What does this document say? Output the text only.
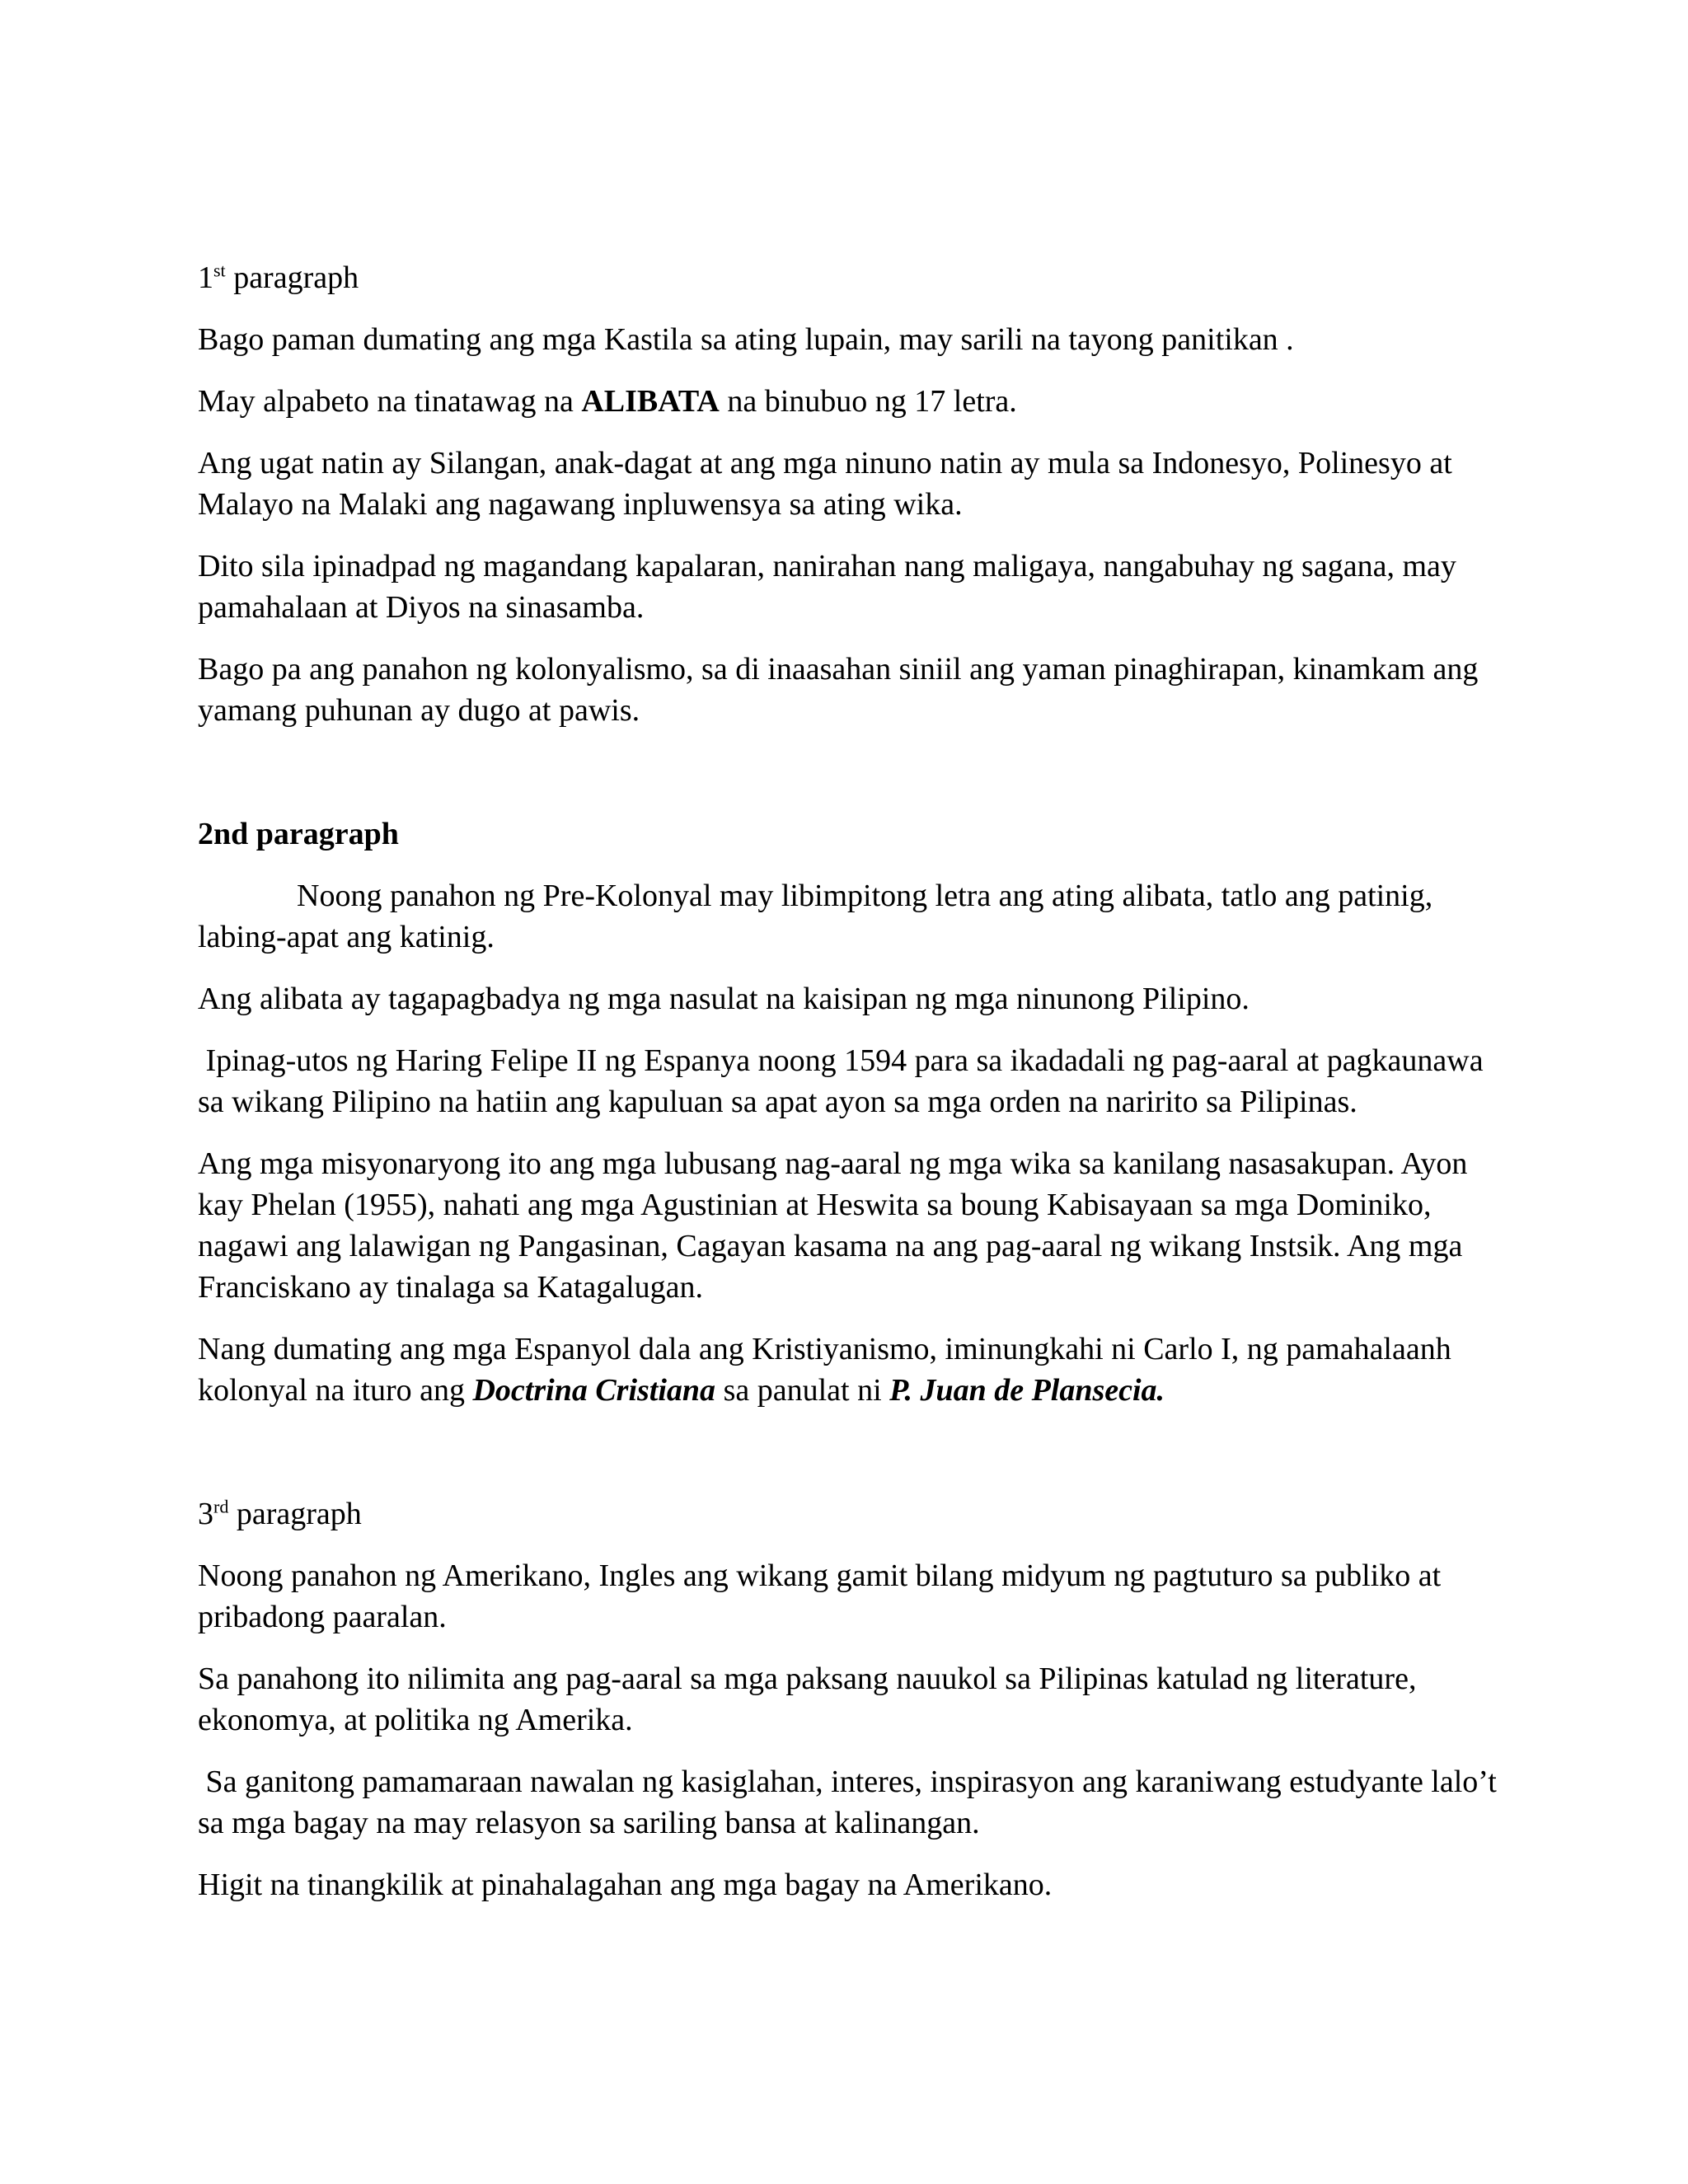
1st paragraph

Bago paman dumating ang mga Kastila sa ating lupain, may sarili na tayong panitikan .

May alpabeto na tinatawag na ALIBATA na binubuo ng 17 letra.

Ang ugat natin ay Silangan, anak-dagat at ang mga ninuno natin ay mula sa Indonesyo, Polinesyo at Malayo na Malaki ang nagawang inpluwensya sa ating wika.

Dito sila ipinadpad ng magandang kapalaran, nanirahan nang maligaya, nangabuhay ng sagana, may pamahalaan at Diyos na sinasamba.

Bago pa ang panahon ng kolonyalismo, sa di inaasahan siniil ang yaman pinaghirapan, kinamkam ang yamang puhunan ay dugo at pawis.

2nd paragraph

Noong panahon ng Pre-Kolonyal may libimpitong letra ang ating alibata, tatlo ang patinig, labing-apat ang katinig.

Ang alibata ay tagapagbadya ng mga nasulat na kaisipan ng mga ninunong Pilipino.

Ipinag-utos ng Haring Felipe II ng Espanya noong 1594 para sa ikadadali ng pag-aaral at pagkaunawa sa wikang Pilipino na hatiin ang kapuluan sa apat ayon sa mga orden na naririto sa Pilipinas.

Ang mga misyonaryong ito ang mga lubusang nag-aaral ng mga wika sa kanilang nasasakupan. Ayon kay Phelan (1955), nahati ang mga Agustinian at Heswita sa boung Kabisayaan sa mga Dominiko, nagawi ang lalawigan ng Pangasinan, Cagayan kasama na ang pag-aaral ng wikang Instsik. Ang mga Franciskano ay tinalaga sa Katagalugan.

Nang dumating ang mga Espanyol dala ang Kristiyanismo, iminungkahi ni Carlo I, ng pamahalaanh kolonyal na ituro ang Doctrina Cristiana sa panulat ni P. Juan de Plansecia.

3rd paragraph

Noong panahon ng Amerikano, Ingles ang wikang gamit bilang midyum ng pagtuturo sa publiko at pribadong paaralan.

Sa panahong ito nilimita ang pag-aaral sa mga paksang nauukol sa Pilipinas katulad ng literature, ekonomya, at politika ng Amerika.

Sa ganitong pamamaraan nawalan ng kasiglahan, interes, inspirasyon ang karaniwang estudyante lalo’t sa mga bagay na may relasyon sa sariling bansa at kalinangan.

Higit na tinangkilik at pinahalagahan ang mga bagay na Amerikano.
